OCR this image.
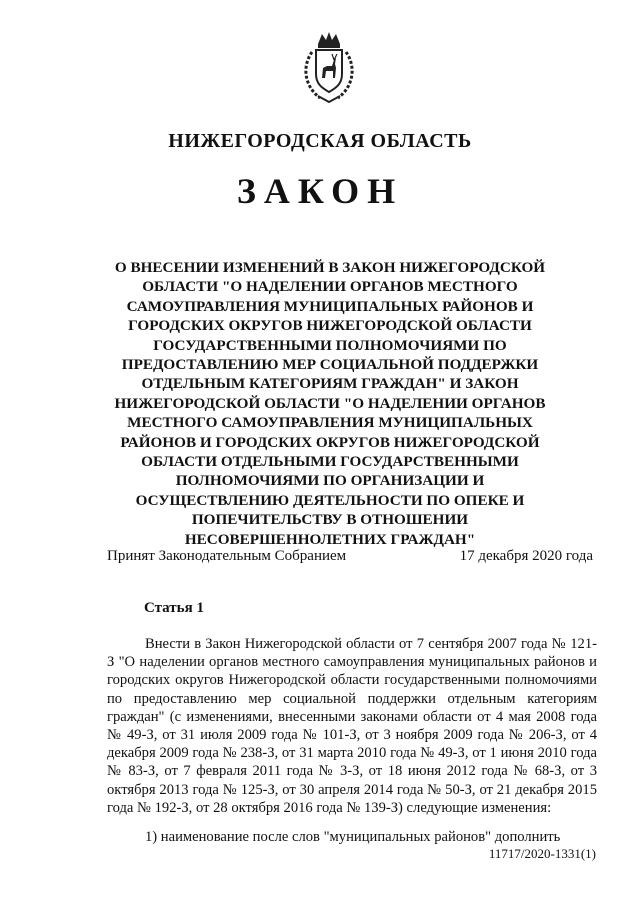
НИЖЕГОРОДСКАЯ ОБЛАСТЬ
ЗАКОН
О ВНЕСЕНИИ ИЗМЕНЕНИЙ В ЗАКОН НИЖЕГОРОДСКОЙ ОБЛАСТИ "О НАДЕЛЕНИИ ОРГАНОВ МЕСТНОГО САМОУПРАВЛЕНИЯ МУНИЦИПАЛЬНЫХ РАЙОНОВ И ГОРОДСКИХ ОКРУГОВ НИЖЕГОРОДСКОЙ ОБЛАСТИ ГОСУДАРСТВЕННЫМИ ПОЛНОМОЧИЯМИ ПО ПРЕДОСТАВЛЕНИЮ МЕР СОЦИАЛЬНОЙ ПОДДЕРЖКИ ОТДЕЛЬНЫМ КАТЕГОРИЯМ ГРАЖДАН" И ЗАКОН НИЖЕГОРОДСКОЙ ОБЛАСТИ "О НАДЕЛЕНИИ ОРГАНОВ МЕСТНОГО САМОУПРАВЛЕНИЯ МУНИЦИПАЛЬНЫХ РАЙОНОВ И ГОРОДСКИХ ОКРУГОВ НИЖЕГОРОДСКОЙ ОБЛАСТИ ОТДЕЛЬНЫМИ ГОСУДАРСТВЕННЫМИ ПОЛНОМОЧИЯМИ ПО ОРГАНИЗАЦИИ И ОСУЩЕСТВЛЕНИЮ ДЕЯТЕЛЬНОСТИ ПО ОПЕКЕ И ПОПЕЧИТЕЛЬСТВУ В ОТНОШЕНИИ НЕСОВЕРШЕННОЛЕТНИХ ГРАЖДАН"
Принят Законодательным Собранием	17 декабря 2020 года
Статья 1

Внести в Закон Нижегородской области от 7 сентября 2007 года № 121-З "О наделении органов местного самоуправления муниципальных районов и городских округов Нижегородской области государственными полномочиями по предоставлению мер социальной поддержки отдельным категориям граждан" (с изменениями, внесенными законами области от 4 мая 2008 года № 49-З, от 31 июля 2009 года № 101-З, от 3 ноября 2009 года № 206-З, от 4 декабря 2009 года № 238-З, от 31 марта 2010 года № 49-З, от 1 июня 2010 года № 83-З, от 7 февраля 2011 года № 3-З, от 18 июня 2012 года № 68-З, от 3 октября 2013 года № 125-З, от 30 апреля 2014 года № 50-З, от 21 декабря 2015 года № 192-З, от 28 октября 2016 года № 139-З) следующие изменения:

1) наименование после слов "муниципальных районов" дополнить

11717/2020-1331(1)
